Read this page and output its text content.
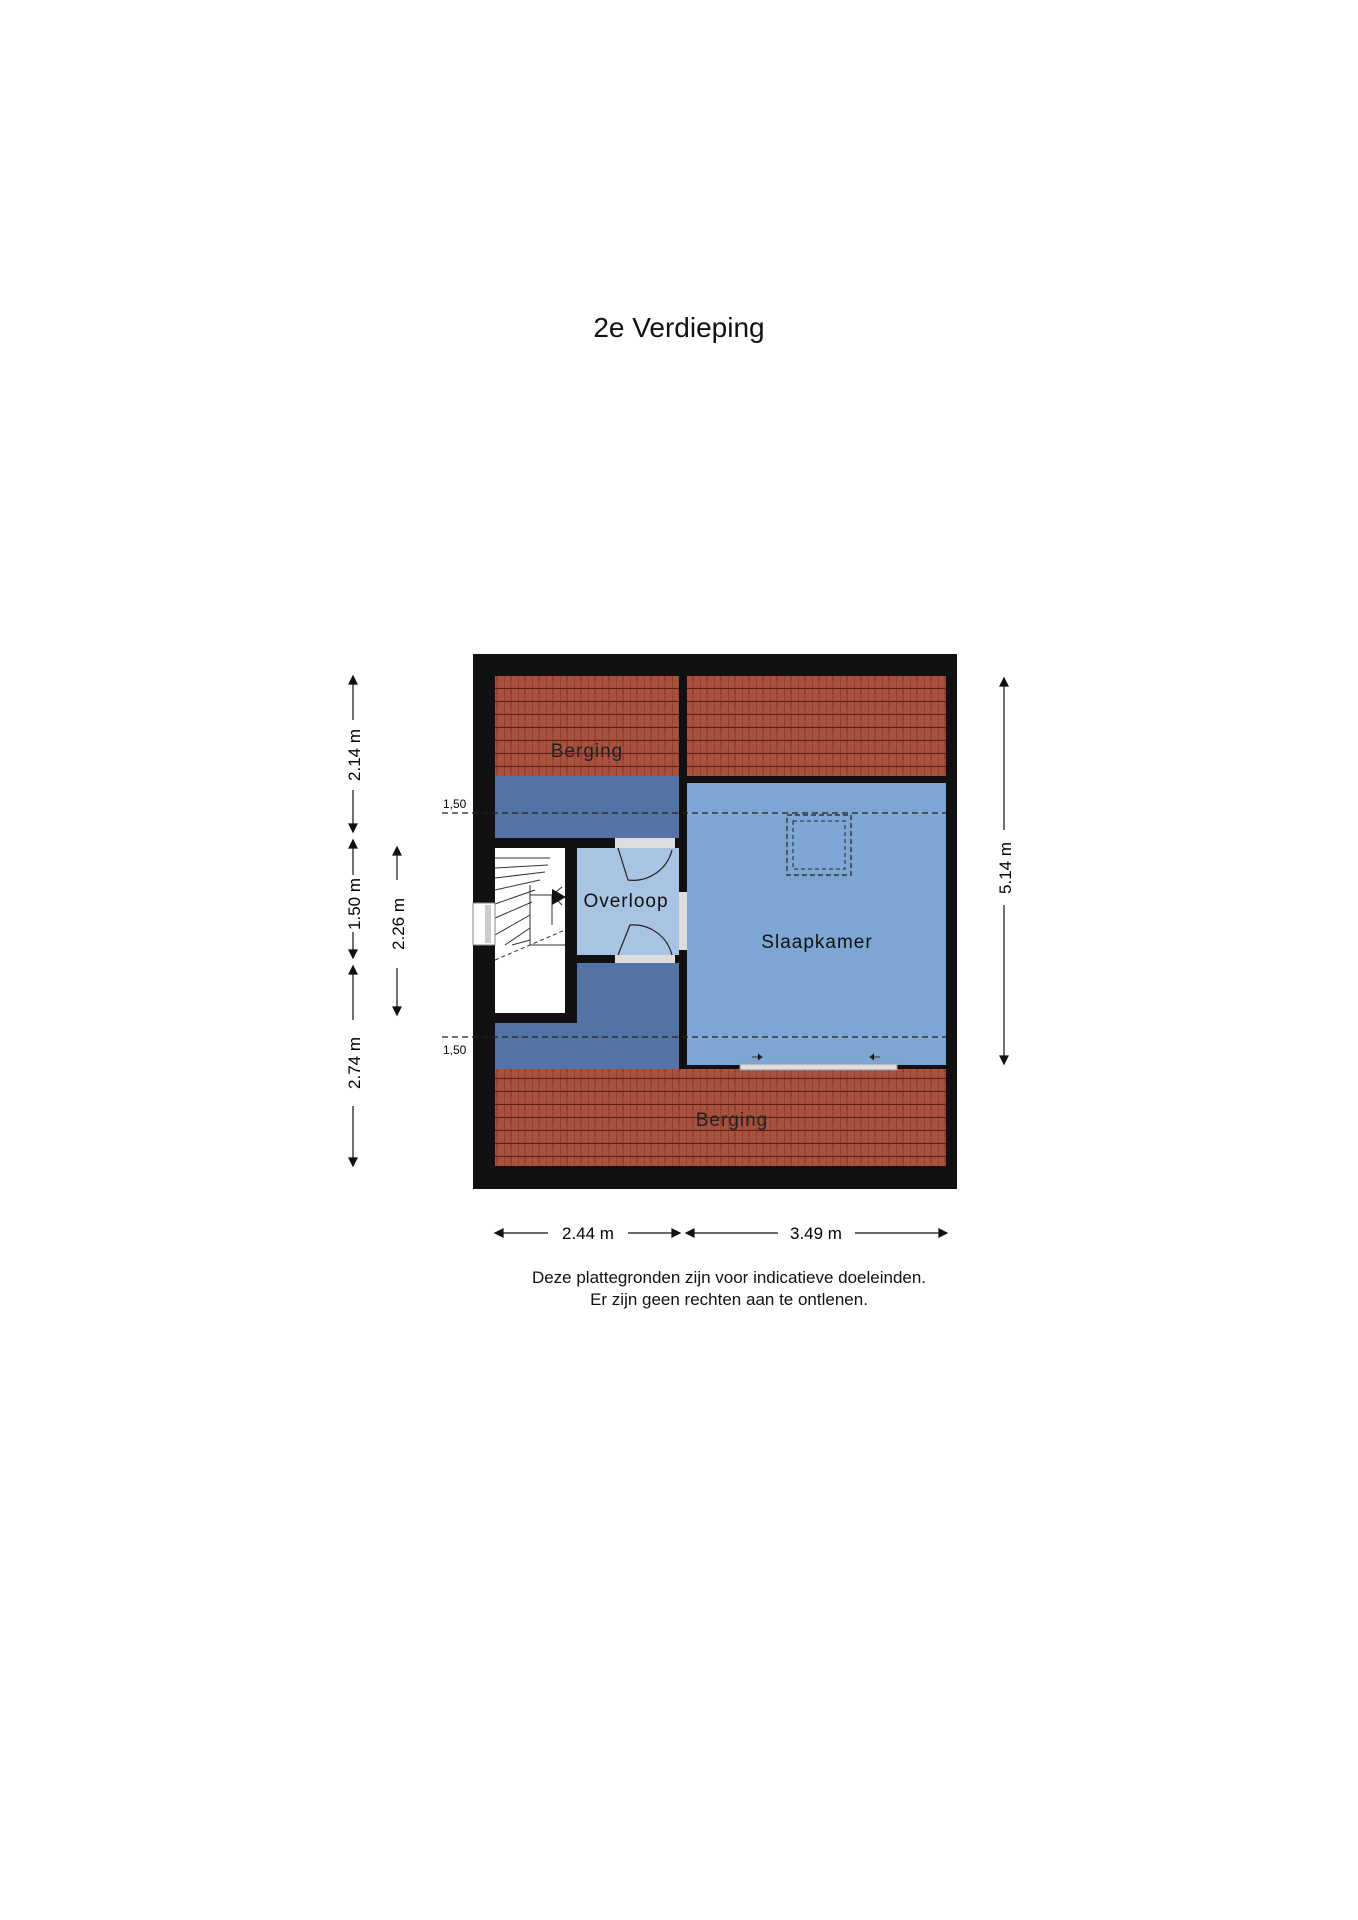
2e Verdieping
1,50
1,50
Berging
Berging
Overloop
Slaapkamer
2.14 m
1.50 m
2.74 m
2.26 m
5.14 m
2.44 m	3.49 m
Deze plattegronden zijn voor indicatieve doeleinden.
Er zijn geen rechten aan te ontlenen.
